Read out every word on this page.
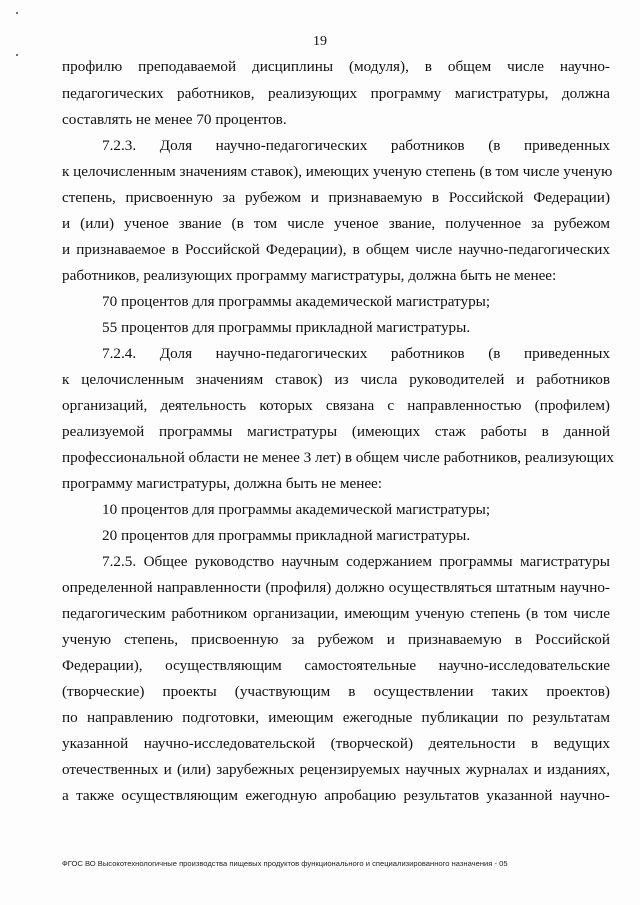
19
профилю преподаваемой дисциплины (модуля), в общем числе научно-
педагогических работников, реализующих программу магистратуры, должна
составлять не менее 70 процентов.
7.2.3. Доля научно-педагогических работников (в приведенных
к целочисленным значениям ставок), имеющих ученую степень (в том числе ученую
степень, присвоенную за рубежом и признаваемую в Российской Федерации)
и (или) ученое звание (в том числе ученое звание, полученное за рубежом
и признаваемое в Российской Федерации), в общем числе научно-педагогических
работников, реализующих программу магистратуры, должна быть не менее:
70 процентов для программы академической магистратуры;
55 процентов для программы прикладной магистратуры.
7.2.4. Доля научно-педагогических работников (в приведенных
к целочисленным значениям ставок) из числа руководителей и работников
организаций, деятельность которых связана с направленностью (профилем)
реализуемой программы магистратуры (имеющих стаж работы в данной
профессиональной области не менее 3 лет) в общем числе работников, реализующих
программу магистратуры, должна быть не менее:
10 процентов для программы академической магистратуры;
20 процентов для программы прикладной магистратуры.
7.2.5. Общее руководство научным содержанием программы магистратуры
определенной направленности (профиля) должно осуществляться штатным научно-
педагогическим работником организации, имеющим ученую степень (в том числе
ученую степень, присвоенную за рубежом и признаваемую в Российской
Федерации), осуществляющим самостоятельные научно-исследовательские
(творческие) проекты (участвующим в осуществлении таких проектов)
по направлению подготовки, имеющим ежегодные публикации по результатам
указанной научно-исследовательской (творческой) деятельности в ведущих
отечественных и (или) зарубежных рецензируемых научных журналах и изданиях,
а также осуществляющим ежегодную апробацию результатов указанной научно-
ФГОС ВО Высокотехнологичные производства пищевых продуктов функционального и специализированного назначения - 05
